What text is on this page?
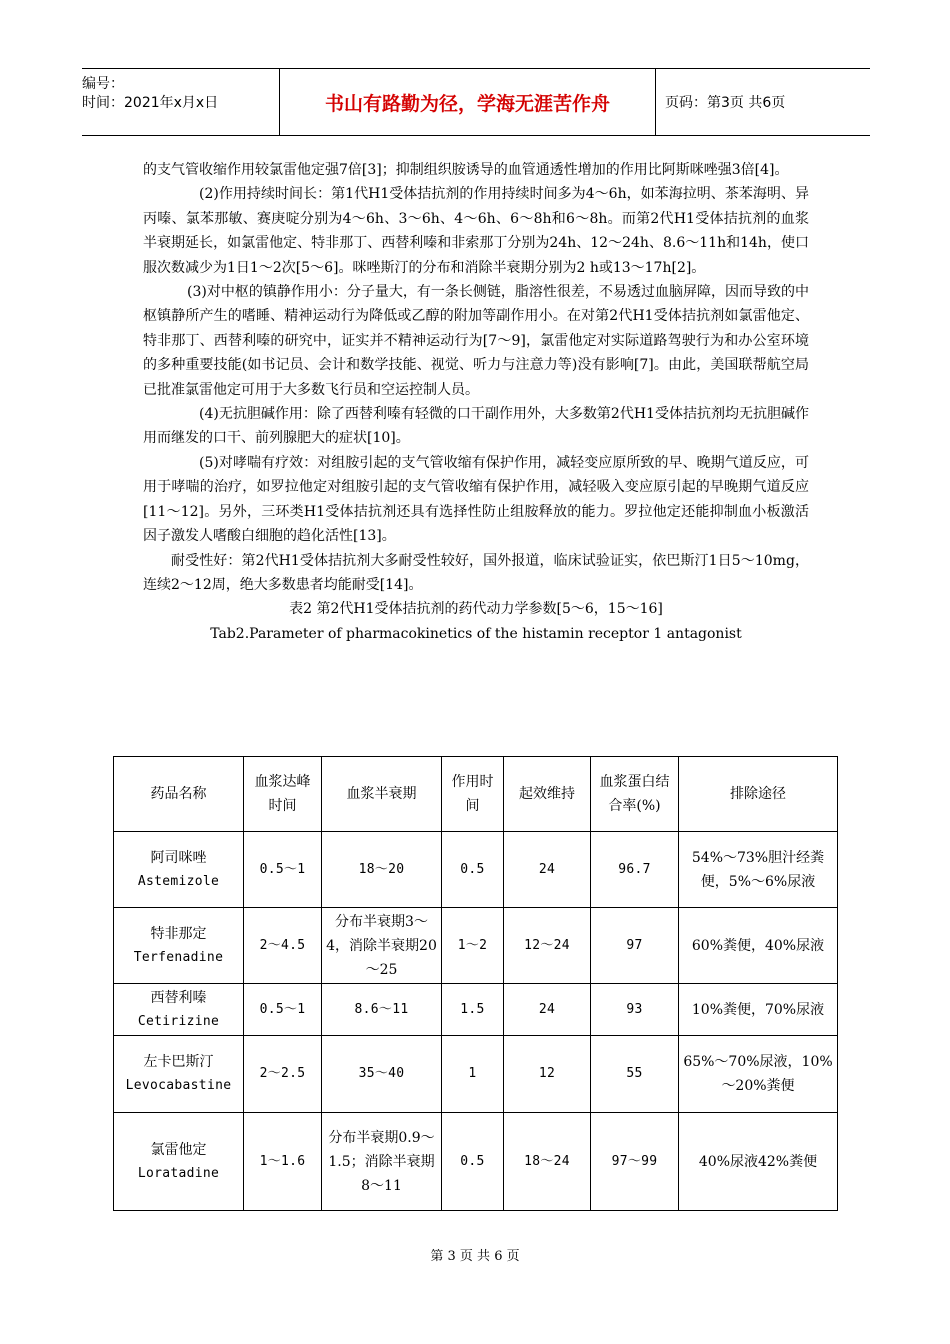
编号：
时间：2021年x月x日	书山有路勤为径，学海无涯苦作舟	页码：第3页 共6页

的支气管收缩作用较氯雷他定强7倍[3]；抑制组织胺诱导的血管通透性增加的作用比阿斯咪唑强3倍[4]。

(2)作用持续时间长：第1代H1受体拮抗剂的作用持续时间多为4～6h，如苯海拉明、茶苯海明、异丙嗪、氯苯那敏、赛庚啶分别为4～6h、3～6h、4～6h、6～8h和6～8h。而第2代H1受体拮抗剂的血浆半衰期延长，如氯雷他定、特非那丁、西替利嗪和非索那丁分别为24h、12～24h、8.6～11h和14h，使口服次数减少为1日1～2次[5～6]。咪唑斯汀的分布和消除半衰期分别为2 h或13～17h[2]。

(3)对中枢的镇静作用小：分子量大，有一条长侧链，脂溶性很差，不易透过血脑屏障，因而导致的中枢镇静所产生的嗜睡、精神运动行为降低或乙醇的附加等副作用小。在对第2代H1受体拮抗剂如氯雷他定、特非那丁、西替利嗪的研究中，证实并不精神运动行为[7～9]，氯雷他定对实际道路驾驶行为和办公室环境的多种重要技能(如书记员、会计和数学技能、视觉、听力与注意力等)没有影响[7]。由此，美国联帮航空局已批准氯雷他定可用于大多数飞行员和空运控制人员。

(4)无抗胆碱作用：除了西替利嗪有轻微的口干副作用外，大多数第2代H1受体拮抗剂均无抗胆碱作用而继发的口干、前列腺肥大的症状[10]。

(5)对哮喘有疗效：对组胺引起的支气管收缩有保护作用，减轻变应原所致的早、晚期气道反应，可用于哮喘的治疗，如罗拉他定对组胺引起的支气管收缩有保护作用，减轻吸入变应原引起的早晚期气道反应[11～12]。另外，三环类H1受体拮抗剂还具有选择性防止组胺释放的能力。罗拉他定还能抑制血小板激活因子激发人嗜酸白细胞的趋化活性[13]。

耐受性好：第2代H1受体拮抗剂大多耐受性较好，国外报道，临床试验证实，依巴斯汀1日5～10mg，连续2～12周，绝大多数患者均能耐受[14]。

表2 第2代H1受体拮抗剂的药代动力学参数[5～6，15～16]

Tab2.Parameter of pharmacokinetics of the histamin receptor 1 antagonist

药品名称	血浆达峰时间	血浆半衰期	作用时间	起效维持	血浆蛋白结合率(%)	排除途径

阿司咪唑
Astemizole	0.5～1	18～20	0.5	24	96.7	54%～73%胆汁经粪便，5%～6%尿液

特非那定
Terfenadine	2～4.5	分布半衰期3～4，消除半衰期20～25	1～2	12～24	97	60%粪便，40%尿液

西替利嗪
Cetirizine	0.5～1	8.6～11	1.5	24	93	10%粪便，70%尿液

左卡巴斯汀
Levocabastine	2～2.5	35～40	1	12	55	65%～70%尿液，10%～20%粪便

氯雷他定
Loratadine	1～1.6	分布半衰期0.9～1.5；消除半衰期8～11	0.5	18～24	97～99	40%尿液42%粪便
第 3 页 共 6 页
